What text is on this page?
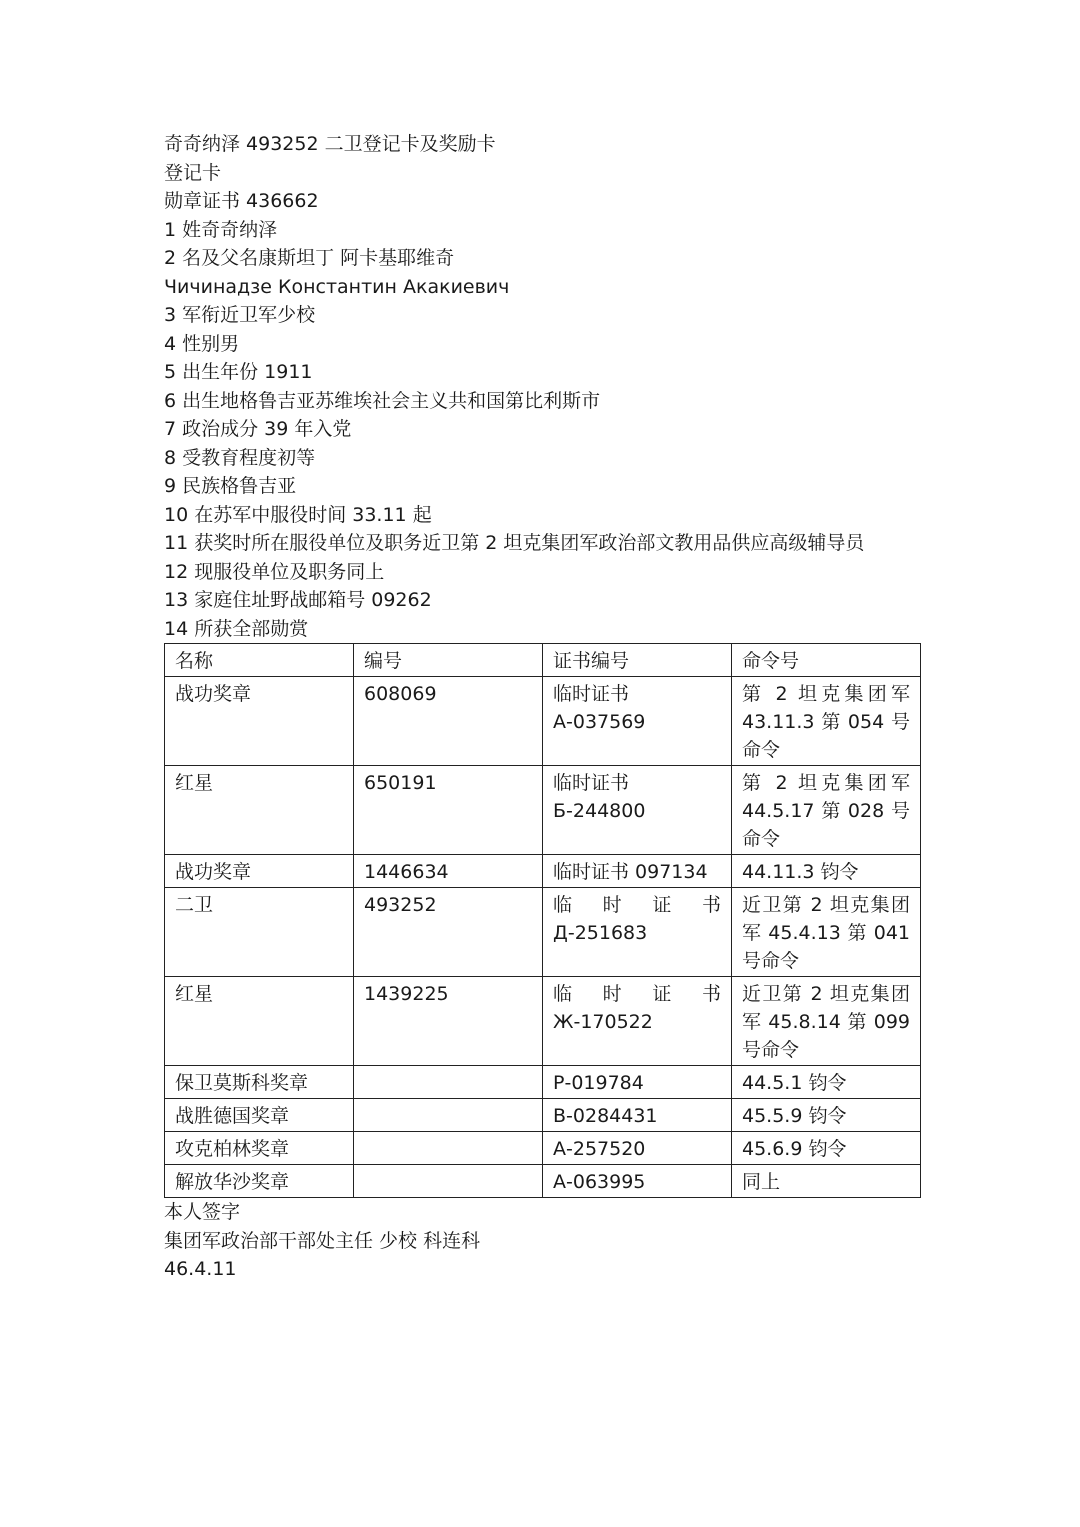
奇奇纳泽 493252 二卫登记卡及奖励卡
登记卡
勋章证书 436662
1 姓奇奇纳泽
2 名及父名康斯坦丁 阿卡基耶维奇
Чичинадзе Константин Акакиевич
3 军衔近卫军少校
4 性别男
5 出生年份 1911
6 出生地格鲁吉亚苏维埃社会主义共和国第比利斯市
7 政治成分 39 年入党
8 受教育程度初等
9 民族格鲁吉亚
10 在苏军中服役时间 33.11 起
11 获奖时所在服役单位及职务近卫第 2 坦克集团军政治部文教用品供应高级辅导员
12 现服役单位及职务同上
13 家庭住址野战邮箱号 09262
14 所获全部勋赏
名称	编号	证书编号	命令号
战功奖章	608069	临时证书 А-037569	第 2 坦克集团军 43.11.3 第 054 号命令
红星	650191	临时证书 Б-244800	第 2 坦克集团军 44.5.17 第 028 号命令
战功奖章	1446634	临时证书 097134	44.11.3 钧令
二卫	493252	临时证书 Д-251683	近卫第 2 坦克集团军 45.4.13 第 041 号命令
红星	1439225	临时证书 Ж-170522	近卫第 2 坦克集团军 45.8.14 第 099 号命令
保卫莫斯科奖章		Р-019784	44.5.1 钧令
战胜德国奖章		В-0284431	45.5.9 钧令
攻克柏林奖章		А-257520	45.6.9 钧令
解放华沙奖章		А-063995	同上
本人签字
集团军政治部干部处主任 少校 科连科
46.4.11
